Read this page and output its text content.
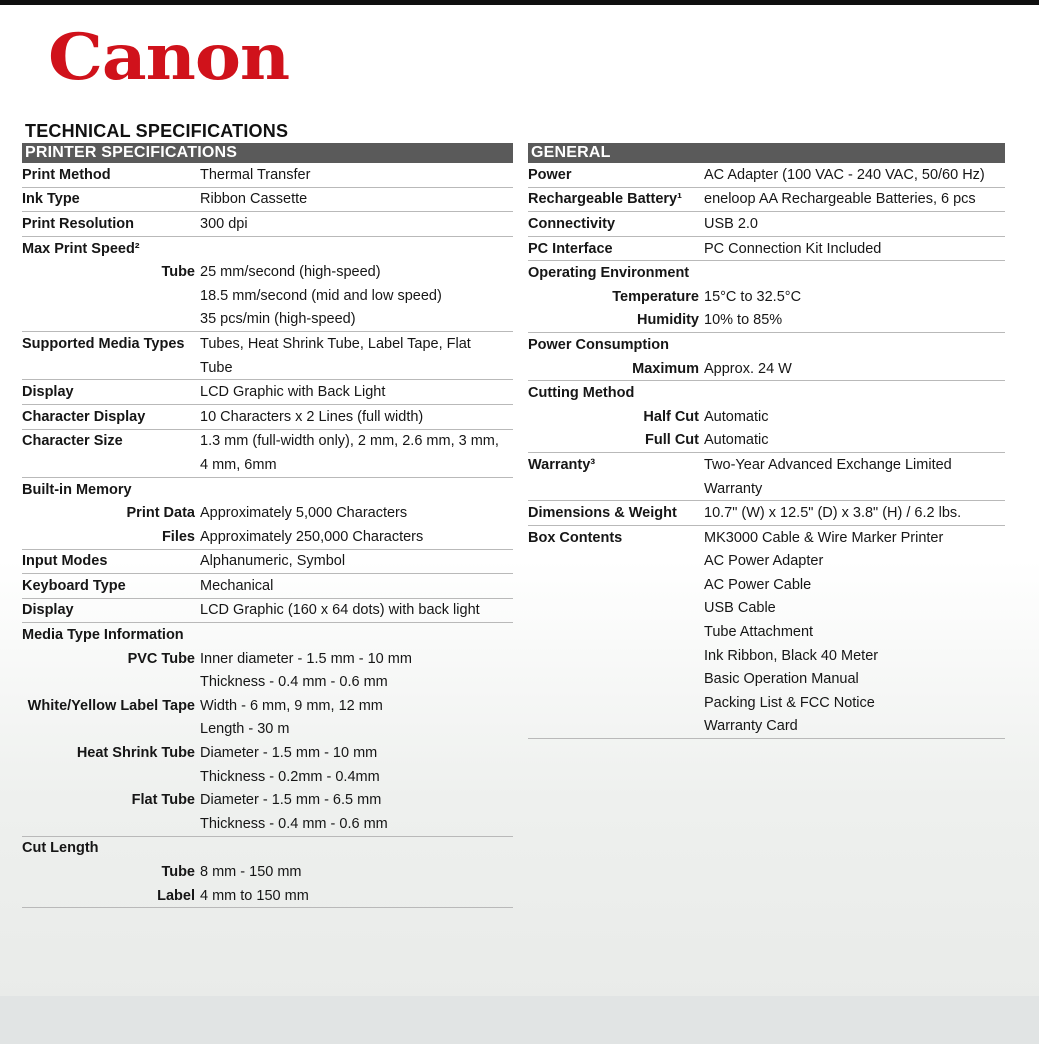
Canon
TECHNICAL SPECIFICATIONS
PRINTER SPECIFICATIONS
Print Method	Thermal Transfer
Ink Type	Ribbon Cassette
Print Resolution	300 dpi
Max Print Speed²
Tube 25 mm/second (high-speed)
18.5 mm/second (mid and low speed)
35 pcs/min (high-speed)
Supported Media Types	Tubes, Heat Shrink Tube, Label Tape, Flat
Tube
Display	LCD Graphic with Back Light
Character Display	10 Characters x 2 Lines (full width)
Character Size	1.3 mm (full-width only), 2 mm, 2.6 mm, 3 mm,
4 mm, 6mm
Built-in Memory
Print Data Approximately 5,000 Characters
Files Approximately 250,000 Characters
Input Modes	Alphanumeric, Symbol
Keyboard Type	Mechanical
Display	LCD Graphic (160 x 64 dots) with back light
Media Type Information
PVC Tube Inner diameter - 1.5 mm - 10 mm
Thickness - 0.4 mm - 0.6 mm
White/Yellow Label Tape Width - 6 mm, 9 mm, 12 mm
Length - 30 m
Heat Shrink Tube Diameter - 1.5 mm - 10 mm
Thickness - 0.2mm - 0.4mm
Flat Tube Diameter - 1.5 mm - 6.5 mm
Thickness - 0.4 mm - 0.6 mm
Cut Length
Tube 8 mm - 150 mm
Label 4 mm to 150 mm
GENERAL
Power	AC Adapter (100 VAC - 240 VAC, 50/60 Hz)
Rechargeable Battery¹	eneloop AA Rechargeable Batteries, 6 pcs
Connectivity	USB 2.0
PC Interface	PC Connection Kit Included
Operating Environment
Temperature 15°C to 32.5°C
Humidity 10% to 85%
Power Consumption
Maximum Approx. 24 W
Cutting Method
Half Cut Automatic
Full Cut Automatic
Warranty³	Two-Year Advanced Exchange Limited
Warranty
Dimensions & Weight	10.7" (W) x 12.5" (D) x 3.8" (H) / 6.2 lbs.
Box Contents	MK3000 Cable & Wire Marker Printer
AC Power Adapter
AC Power Cable
USB Cable
Tube Attachment
Ink Ribbon, Black 40 Meter
Basic Operation Manual
Packing List & FCC Notice
Warranty Card
